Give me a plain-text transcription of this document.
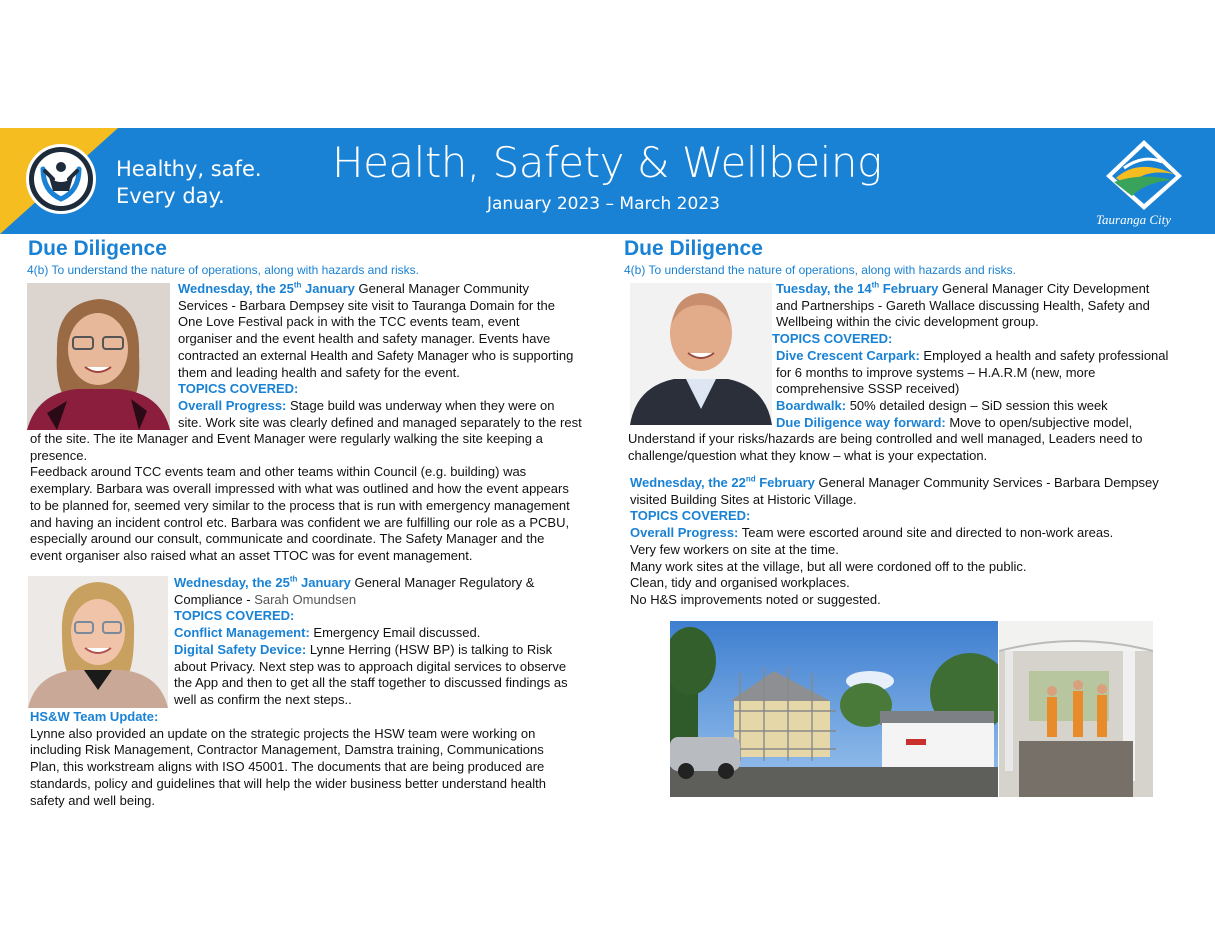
Healthy, safe.
Every day.
Health, Safety & Wellbeing
January 2023 – March 2023
Tauranga City
Due Diligence
4(b) To understand the nature of operations, along with hazards and risks.
Wednesday, the 25th January General Manager Community
Services - Barbara Dempsey site visit to Tauranga Domain for the
One Love Festival pack in with the TCC events team, event
organiser and the event health and safety manager. Events have
contracted an external Health and Safety Manager who is supporting
them and leading health and safety for the event.
TOPICS COVERED:
Overall Progress: Stage build was underway when they were on
site. Work site was clearly defined and managed separately to the rest
of the site. The ite Manager and Event Manager were regularly walking the site keeping a
presence.
Feedback around TCC events team and other teams within Council (e.g. building) was
exemplary. Barbara was overall impressed with what was outlined and how the event appears
to be planned for, seemed very similar to the process that is run with emergency management
and having an incident control etc. Barbara was confident we are fulfilling our role as a PCBU,
especially around our consult, communicate and coordinate. The Safety Manager and the
event organiser also raised what an asset TTOC was for event management.
Wednesday, the 25th January General Manager Regulatory &
Compliance - Sarah Omundsen
TOPICS COVERED:
Conflict Management: Emergency Email discussed.
Digital Safety Device: Lynne Herring (HSW BP) is talking to Risk
about Privacy. Next step was to approach digital services to observe
the App and then to get all the staff together to discussed findings as
well as confirm the next steps..
HS&W Team Update:
Lynne also provided an update on the strategic projects the HSW team were working on
including Risk Management, Contractor Management, Damstra training, Communications
Plan, this workstream aligns with ISO 45001. The documents that are being produced are
standards, policy and guidelines that will help the wider business better understand health
safety and well being.
Due Diligence
4(b) To understand the nature of operations, along with hazards and risks.
Tuesday, the 14th February General Manager City Development
and Partnerships - Gareth Wallace discussing Health, Safety and
Wellbeing within the civic development group.
TOPICS COVERED:
Dive Crescent Carpark: Employed a health and safety professional
for 6 months to improve systems – H.A.R.M (new, more
comprehensive SSSP received)
Boardwalk: 50% detailed design – SiD session this week
Due Diligence way forward: Move to open/subjective model,
Understand if your risks/hazards are being controlled and well managed, Leaders need to
challenge/question what they know – what is your expectation.
Wednesday, the 22nd February General Manager Community Services - Barbara Dempsey
visited Building Sites at Historic Village.
TOPICS COVERED:
Overall Progress: Team were escorted around site and directed to non-work areas.
Very few workers on site at the time.
Many work sites at the village, but all were cordoned off to the public.
Clean, tidy and organised workplaces.
No H&S improvements noted or suggested.
